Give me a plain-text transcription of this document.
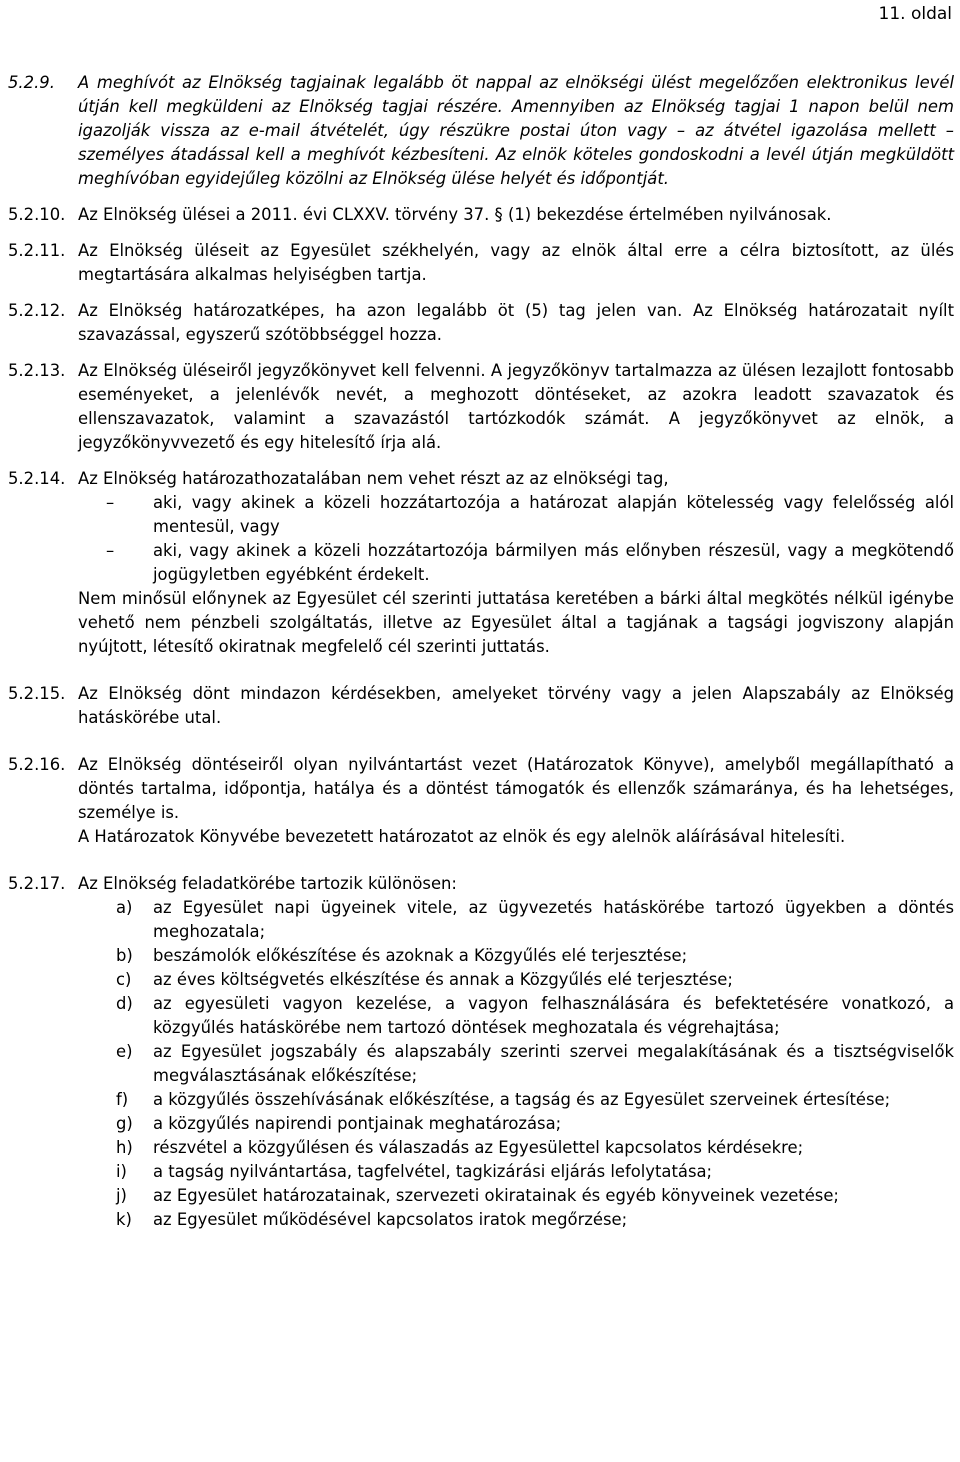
11. oldal

5.2.9. A meghívót az Elnökség tagjainak legalább öt nappal az elnökségi ülést megelőzően elektronikus levél útján kell megküldeni az Elnökség tagjai részére. Amennyiben az Elnökség tagjai 1 napon belül nem igazolják vissza az e-mail átvételét, úgy részükre postai úton vagy – az átvétel igazolása mellett – személyes átadással kell a meghívót kézbesíteni. Az elnök köteles gondoskodni a levél útján megküldött meghívóban egyidejűleg közölni az Elnökség ülése helyét és időpontját.

5.2.10. Az Elnökség ülései a 2011. évi CLXXV. törvény 37. § (1) bekezdése értelmében nyilvánosak.

5.2.11. Az Elnökség üléseit az Egyesület székhelyén, vagy az elnök által erre a célra biztosított, az ülés megtartására alkalmas helyiségben tartja.

5.2.12. Az Elnökség határozatképes, ha azon legalább öt (5) tag jelen van. Az Elnökség határozatait nyílt szavazással, egyszerű szótöbbséggel hozza.

5.2.13. Az Elnökség üléseiről jegyzőkönyvet kell felvenni. A jegyzőkönyv tartalmazza az ülésen lezajlott fontosabb eseményeket, a jelenlévők nevét, a meghozott döntéseket, az azokra leadott szavazatok és ellenszavazatok, valamint a szavazástól tartózkodók számát. A jegyzőkönyvet az elnök, a jegyzőkönyvvezető és egy hitelesítő írja alá.

5.2.14. Az Elnökség határozathozatalában nem vehet részt az az elnökségi tag,

– aki, vagy akinek a közeli hozzátartozója a határozat alapján kötelesség vagy felelősség alól mentesül, vagy

– aki, vagy akinek a közeli hozzátartozója bármilyen más előnyben részesül, vagy a megkötendő jogügyletben egyébként érdekelt.

Nem minősül előnynek az Egyesület cél szerinti juttatása keretében a bárki által megkötés nélkül igénybe vehető nem pénzbeli szolgáltatás, illetve az Egyesület által a tagjának a tagsági jogviszony alapján nyújtott, létesítő okiratnak megfelelő cél szerinti juttatás.

5.2.15. Az Elnökség dönt mindazon kérdésekben, amelyeket törvény vagy a jelen Alapszabály az Elnökség hatáskörébe utal.

5.2.16. Az Elnökség döntéseiről olyan nyilvántartást vezet (Határozatok Könyve), amelyből megállapítható a döntés tartalma, időpontja, hatálya és a döntést támogatók és ellenzők számaránya, és ha lehetséges, személye is.

A Határozatok Könyvébe bevezetett határozatot az elnök és egy alelnök aláírásával hitelesíti.

5.2.17. Az Elnökség feladatkörébe tartozik különösen:

a) az Egyesület napi ügyeinek vitele, az ügyvezetés hatáskörébe tartozó ügyekben a döntés meghozatala;

b) beszámolók előkészítése és azoknak a Közgyűlés elé terjesztése;

c) az éves költségvetés elkészítése és annak a Közgyűlés elé terjesztése;

d) az egyesületi vagyon kezelése, a vagyon felhasználására és befektetésére vonatkozó, a közgyűlés hatáskörébe nem tartozó döntések meghozatala és végrehajtása;

e) az Egyesület jogszabály és alapszabály szerinti szervei megalakításának és a tisztségviselők megválasztásának előkészítése;

f) a közgyűlés összehívásának előkészítése, a tagság és az Egyesület szerveinek értesítése;

g) a közgyűlés napirendi pontjainak meghatározása;

h) részvétel a közgyűlésen és válaszadás az Egyesülettel kapcsolatos kérdésekre;

i) a tagság nyilvántartása, tagfelvétel, tagkizárási eljárás lefolytatása;

j) az Egyesület határozatainak, szervezeti okiratainak és egyéb könyveinek vezetése;

k) az Egyesület működésével kapcsolatos iratok megőrzése;
